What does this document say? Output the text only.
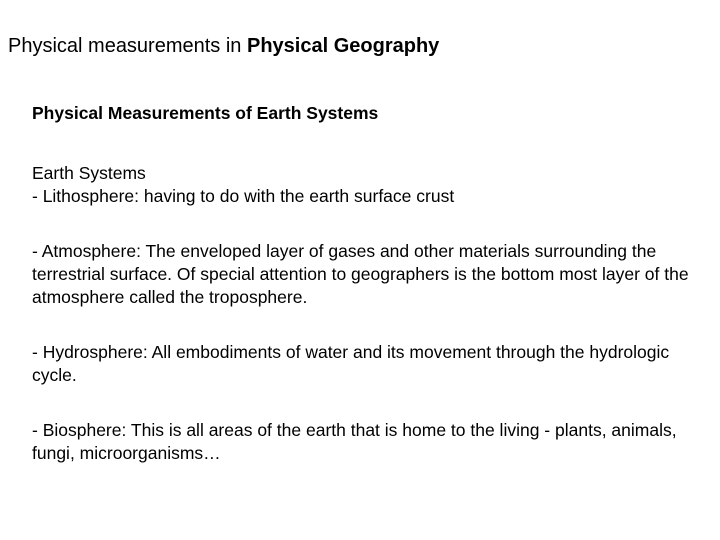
Physical measurements in Physical Geography

Physical Measurements of Earth Systems

Earth Systems

- Lithosphere: having to do with the earth surface crust

- Atmosphere: The enveloped layer of gases and other materials surrounding the terrestrial surface. Of special attention to geographers is the bottom most layer of the atmosphere called the troposphere.

- Hydrosphere: All embodiments of water and its movement through the hydrologic cycle.

- Biosphere: This is all areas of the earth that is home to the living - plants, animals, fungi, microorganisms…
